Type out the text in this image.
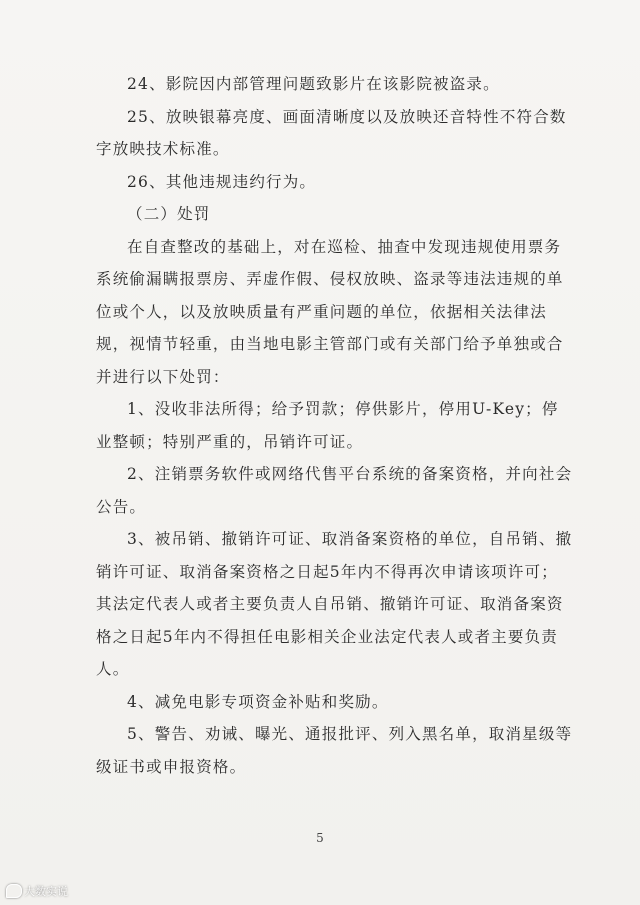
24、影院因内部管理问题致影片在该影院被盗录。

25、放映银幕亮度、画面清晰度以及放映还音特性不符合数字放映技术标准。

26、其他违规违约行为。

（二）处罚

在自查整改的基础上，对在巡检、抽查中发现违规使用票务系统偷漏瞒报票房、弄虚作假、侵权放映、盗录等违法违规的单位或个人，以及放映质量有严重问题的单位，依据相关法律法规，视情节轻重，由当地电影主管部门或有关部门给予单独或合并进行以下处罚：

1、没收非法所得；给予罚款；停供影片，停用U-Key；停业整顿；特别严重的，吊销许可证。

2、注销票务软件或网络代售平台系统的备案资格，并向社会公告。

3、被吊销、撤销许可证、取消备案资格的单位，自吊销、撤销许可证、取消备案资格之日起5年内不得再次申请该项许可；其法定代表人或者主要负责人自吊销、撤销许可证、取消备案资格之日起5年内不得担任电影相关企业法定代表人或者主要负责人。

4、减免电影专项资金补贴和奖励。

5、警告、劝诫、曝光、通报批评、列入黑名单，取消星级等级证书或申报资格。

5
大数实说
